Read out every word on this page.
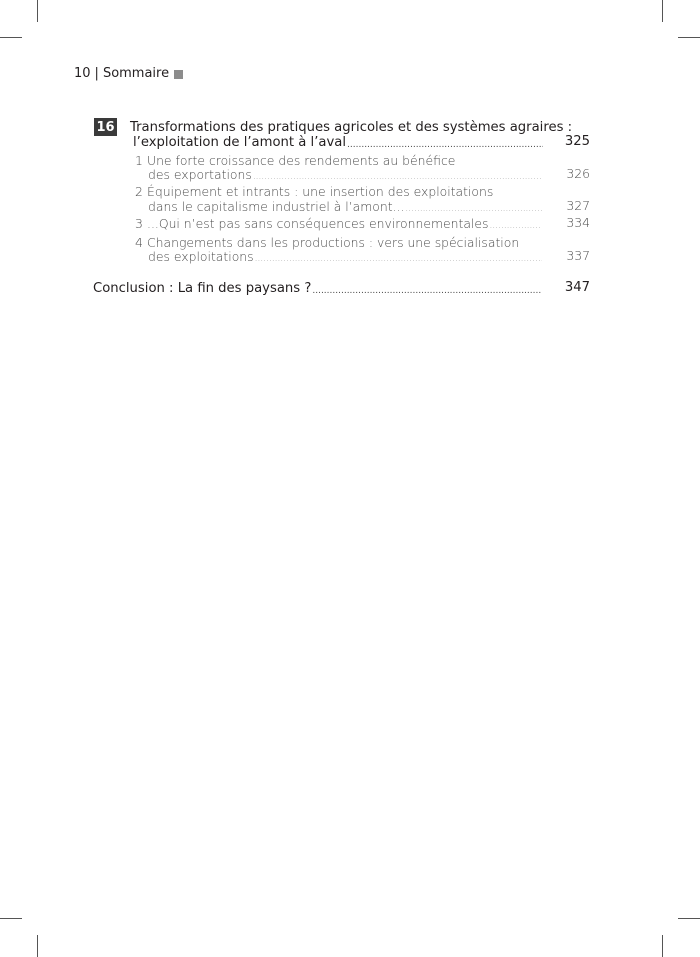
10 | Sommaire
16 Transformations des pratiques agricoles et des systèmes agraires :
l’exploitation de l’amont à l’aval .....	325
1 Une forte croissance des rendements au bénéfice
des exportations .....	326
2 Équipement et intrants : une insertion des exploitations
dans le capitalisme industriel à l’amont... .....	327
3 ...Qui n’est pas sans conséquences environnementales .....	334
4 Changements dans les productions : vers une spécialisation
des exploitations .....	337
Conclusion : La fin des paysans ? .....	347
